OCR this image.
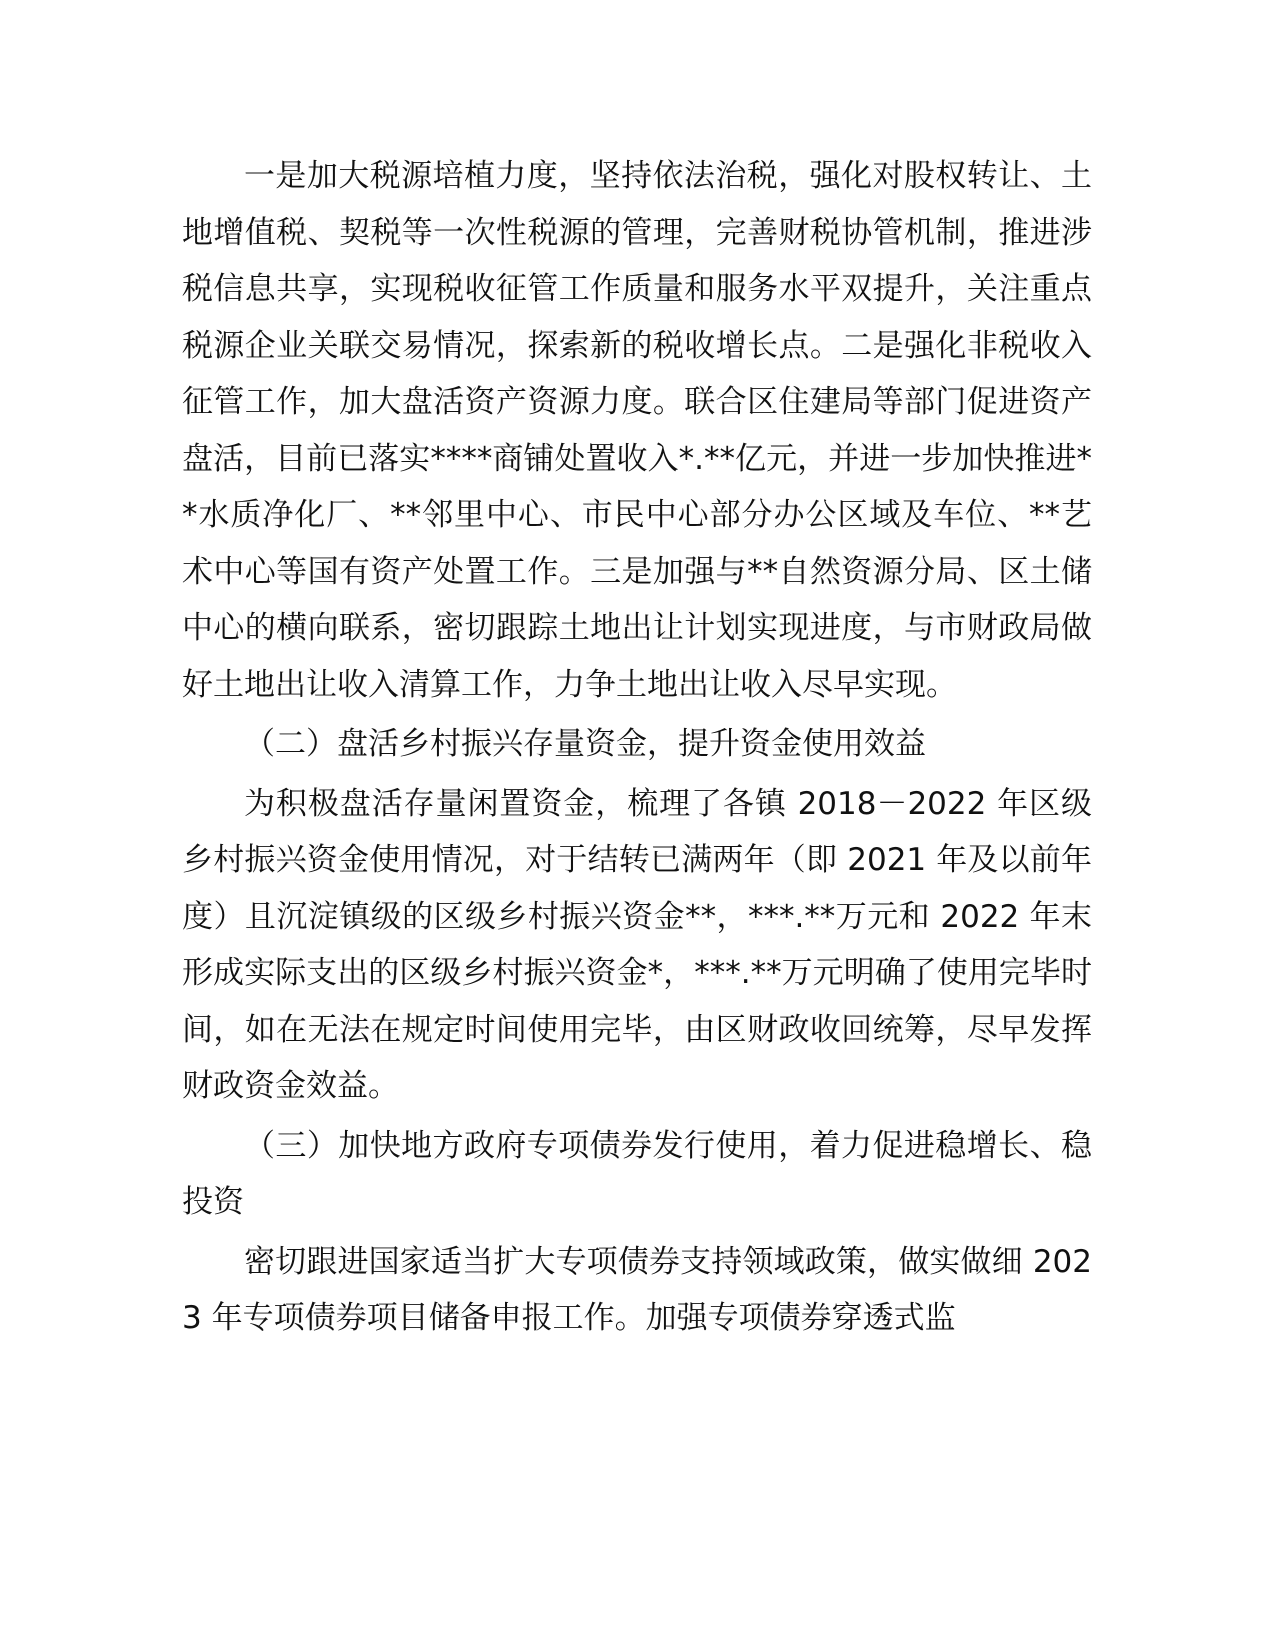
一是加大税源培植力度，坚持依法治税，强化对股权转让、土地增值税、契税等一次性税源的管理，完善财税协管机制，推进涉税信息共享，实现税收征管工作质量和服务水平双提升，关注重点税源企业关联交易情况，探索新的税收增长点。二是强化非税收入征管工作，加大盘活资产资源力度。联合区住建局等部门促进资产盘活，目前已落实****商铺处置收入*.**亿元，并进一步加快推进**水质净化厂、**邻里中心、市民中心部分办公区域及车位、**艺术中心等国有资产处置工作。三是加强与**自然资源分局、区土储中心的横向联系，密切跟踪土地出让计划实现进度，与市财政局做好土地出让收入清算工作，力争土地出让收入尽早实现。

（二）盘活乡村振兴存量资金，提升资金使用效益

为积极盘活存量闲置资金，梳理了各镇 2018－2022 年区级乡村振兴资金使用情况，对于结转已满两年（即 2021 年及以前年度）且沉淀镇级的区级乡村振兴资金**，***.**万元和 2022 年末形成实际支出的区级乡村振兴资金*，***.**万元明确了使用完毕时间，如在无法在规定时间使用完毕，由区财政收回统筹，尽早发挥财政资金效益。

（三）加快地方政府专项债券发行使用，着力促进稳增长、稳投资

密切跟进国家适当扩大专项债券支持领域政策，做实做细 2023 年专项债券项目储备申报工作。加强专项债券穿透式监
